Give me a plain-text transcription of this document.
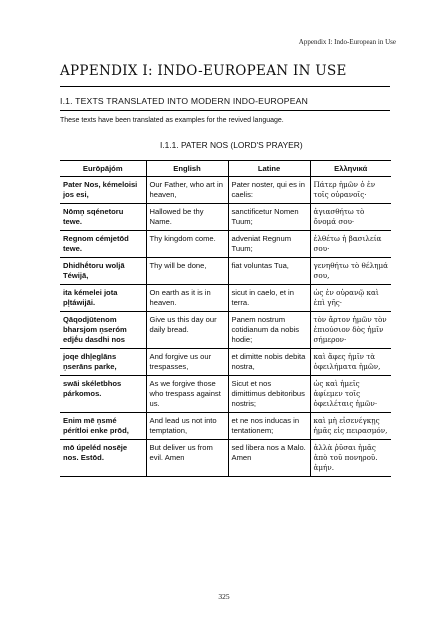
Appendix I: Indo-European in Use
APPENDIX I: INDO-EUROPEAN IN USE
I.1. TEXTS TRANSLATED INTO MODERN INDO-EUROPEAN
These texts have been translated as examples for the revived language.
I.1.1. PATER NOS (LORD'S PRAYER)
Eurōpājóm	English	Latine	Ελληνικά
Pater Nos, kémeloisi jos esi,	Our Father, who art in heaven,	Pater noster, qui es in caelis:	Πάτερ ἡμῶν ὁ ἐν τοῖς οὐρανοῖς·
Nōmn̥ sqénetoru tewe.	Hallowed be thy Name.	sanctificetur Nomen Tuum;	ἁγιασθήτω τὸ ὄνομά σου·
Regnom cémjetōd tewe.	Thy kingdom come.	adveniat Regnum Tuum;	ἐλθέτω ἡ βασιλεία σου·
Dhidhḗtoru woljā Téwijā,	Thy will be done,	fiat voluntas Tua,	γενηθήτω τὸ θέλημά σου,
ita kémelei jota pl̥táwijāi.	On earth as it is in heaven.	sicut in caelo, et in terra.	ὡς ἐν οὐρανῷ καὶ ἐπὶ γῆς·
Qāqodjūtenom bharsjom n̥seróm edjḗu dasdhi nos	Give us this day our daily bread.	Panem nostrum cotidianum da nobis hodie;	τὸν ἄρτον ἡμῶν τὸν ἐπιούσιον δὸς ἡμῖν σήμερον·
joqe dhl̥eglāns n̥serāns parke,	And forgive us our trespasses,	et dimitte nobis debita nostra,	καὶ ἄφες ἡμῖν τὰ ὀφειλήματα ἡμῶν,
swāi skéletbhos párkomos.	As we forgive those who trespass against us.	Sicut et nos dimittimus debitoribus nostris;	ὡς καὶ ἡμεῖς ἀφίεμεν τοῖς ὀφειλέταις ἡμῶν·
Enim mē n̥smé pérítloi enke prōd,	And lead us not into temptation,	et ne nos inducas in tentationem;	καὶ μὴ εἰσενέγκῃς ἡμᾶς εἰς πειρασμόν,
mō úpeléd nosēje nos. Estōd.	But deliver us from evil. Amen	sed libera nos a Malo. Amen	ἀλλὰ ῥῦσαι ἡμᾶς ἀπὸ τοῦ πονηροῦ. ἀμήν.
325
